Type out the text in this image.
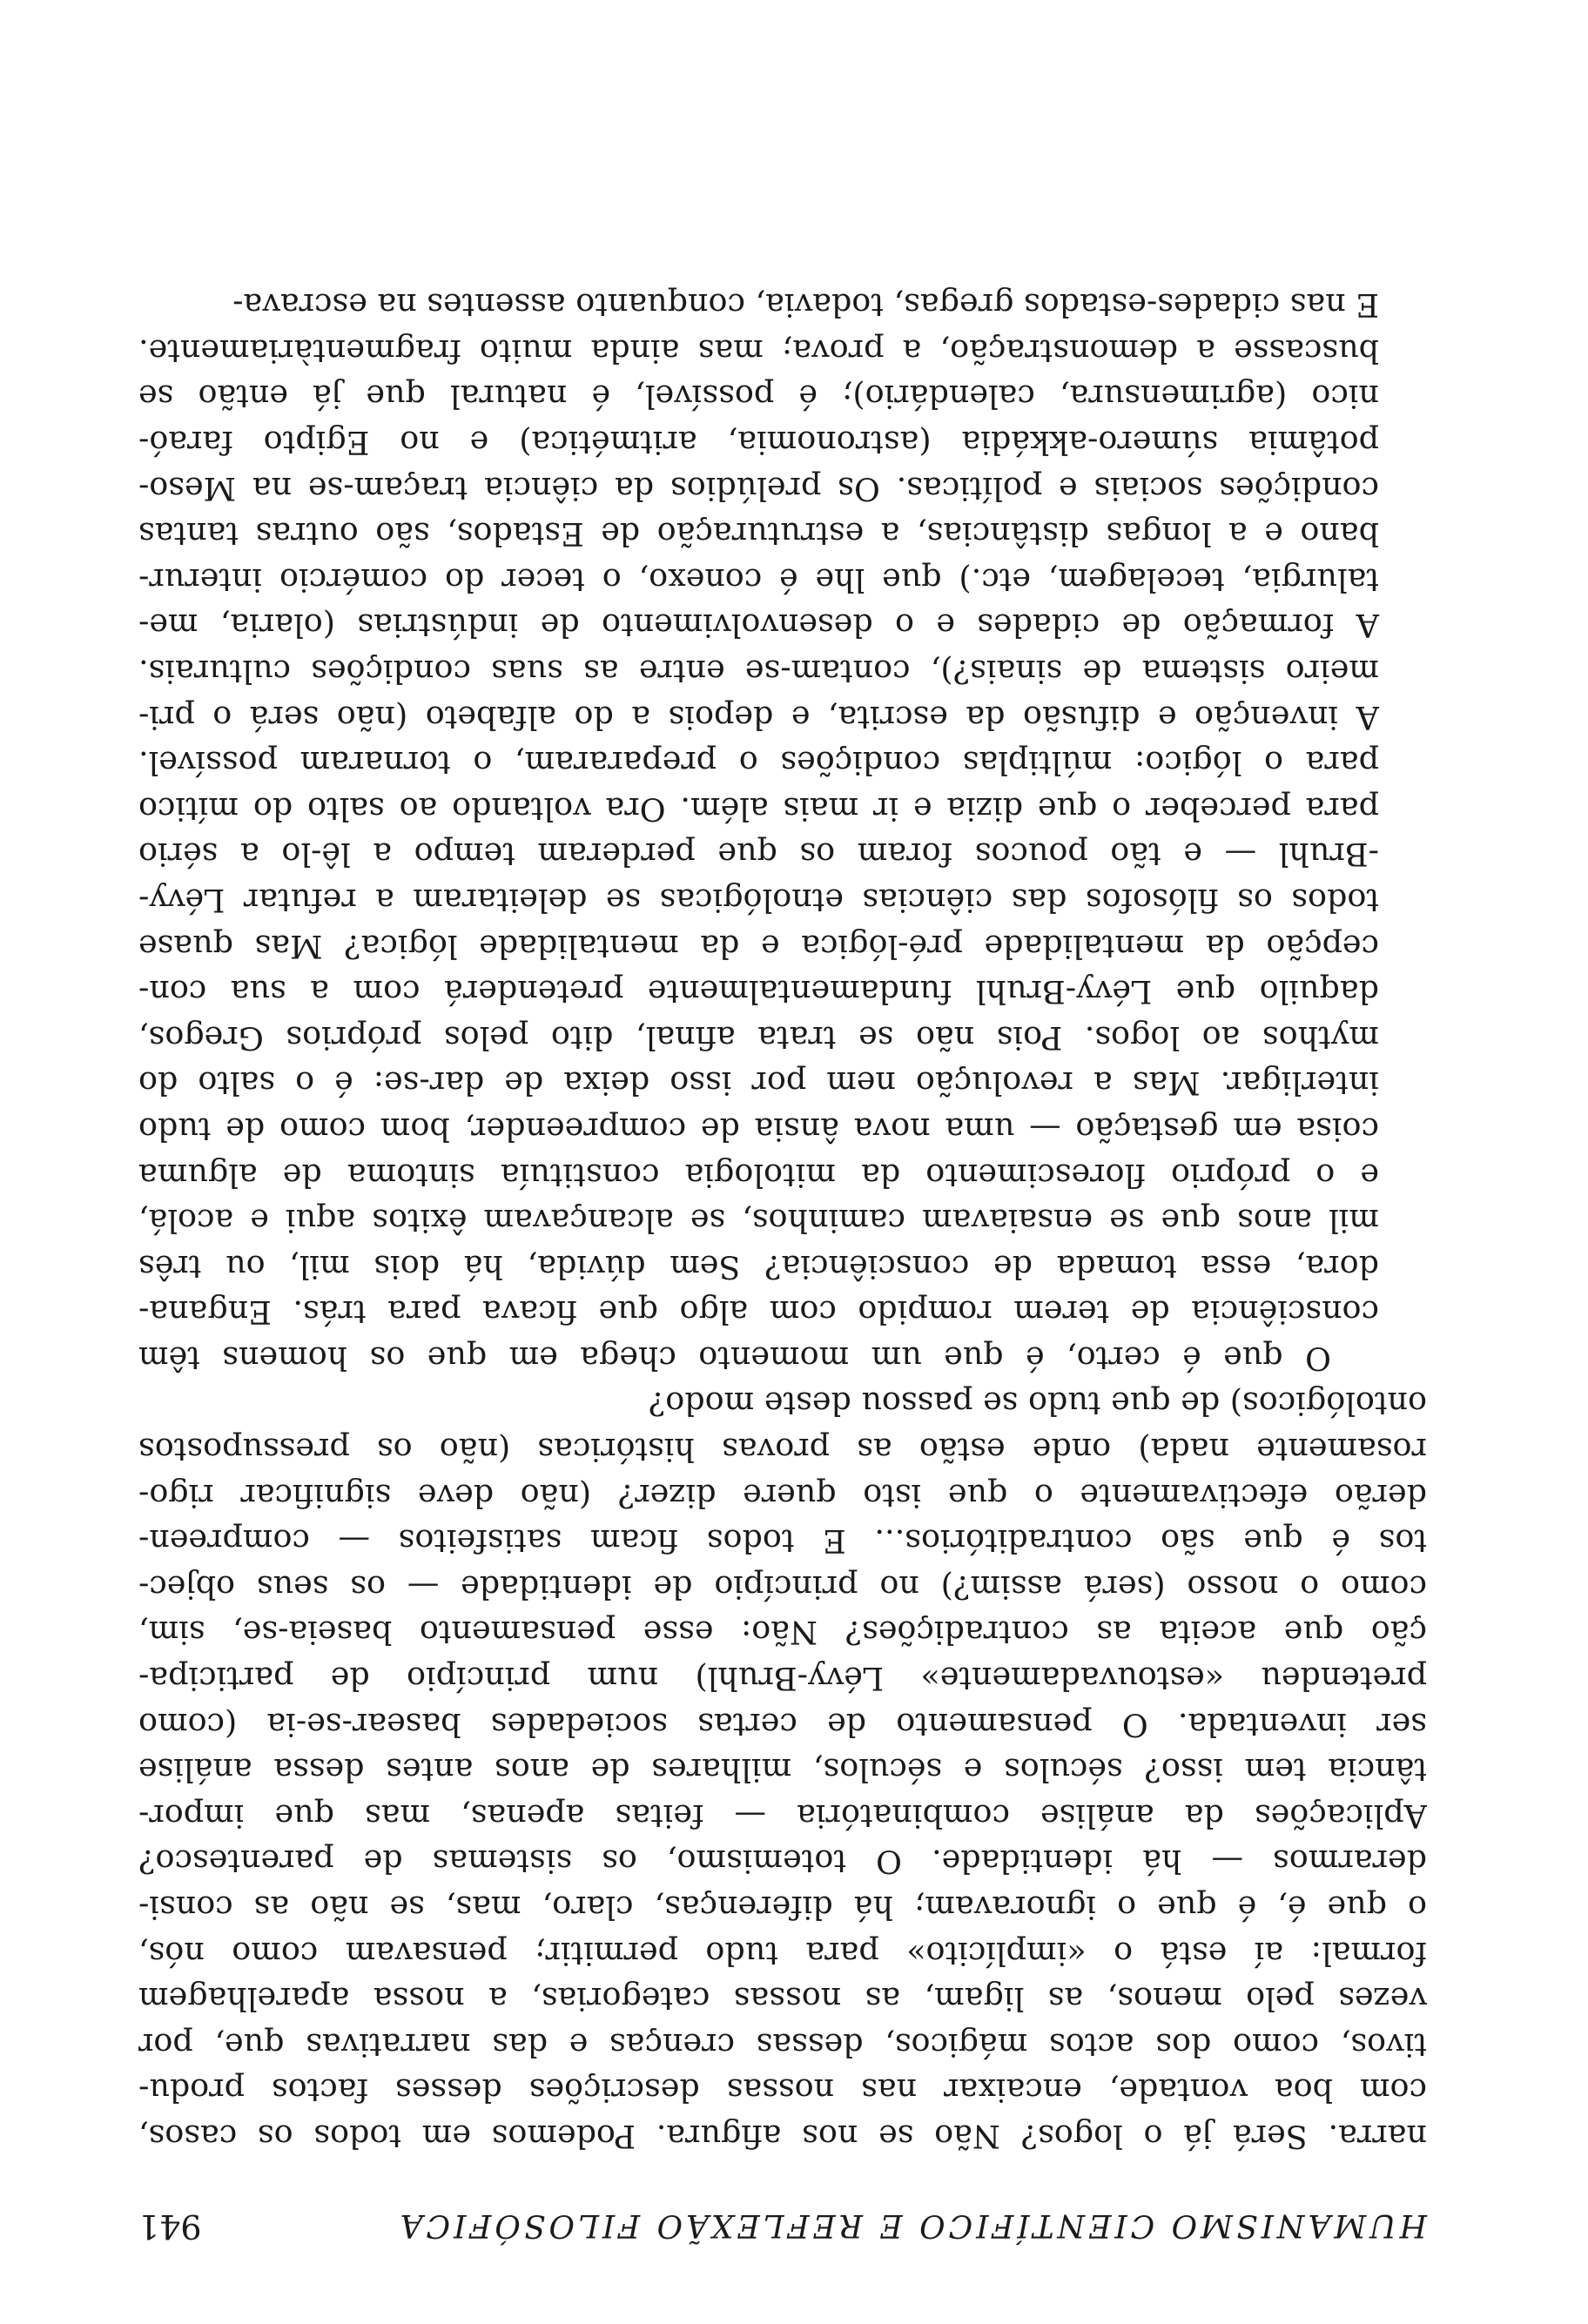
HUMANISMO CIENTÍFICO E REFLEXÃO FILOSÓFICA
941
narra. Será já o logos? Não se nos afigura. Podemos em todos os casos,
com boa vontade, encaixar nas nossas descrições desses factos produ-
tivos, como dos actos mágicos, dessas crenças e das narrativas que, por
vezes pelo menos, as ligam, as nossas categorias, a nossa aparelhagem
formal: aí está o «implícito» para tudo permitir; pensavam como nós,
o que é, é que o ignoravam; há diferenças, claro, mas, se não as consi-
derarmos — há identidade. O totemismo, os sistemas de parentesco?
Aplicações da análise combinatória — feitas apenas, mas que impor-
tância tem isso? séculos e séculos, milhares de anos antes dessa análise
ser inventada. O pensamento de certas sociedades basear-se-ia (como
pretendeu «estouvadamente» Lévy-Bruhl) num princípio de participa-
ção que aceita as contradições? Não: esse pensamento baseia-se, sim,
como o nosso (será assim?) no princípio de identidade — os seus objec-
tos é que são contraditórios... E todos ficam satisfeitos — compreen-
derão efectivamente o que isto quere dizer? (não deve significar rigo-
rosamente nada) onde estão as provas históricas (não os pressupostos
ontológicos) de que tudo se passou deste modo?
O que é certo, é que um momento chega em que os homens têm
consciência de terem rompido com algo que ficava para trás. Engana-
dora, essa tomada de consciência? Sem dúvida, há dois mil, ou três
mil anos que se ensaiavam caminhos, se alcançavam êxitos aqui e acolá,
e o próprio florescimento da mitologia constituía sintoma de alguma
coisa em gestação — uma nova ânsia de compreender, bom como de tudo
interligar. Mas a revolução nem por isso deixa de dar-se: é o salto do
mythos ao logos. Pois não se trata afinal, dito pelos próprios Gregos,
daquilo que Lévy-Bruhl fundamentalmente pretenderá com a sua con-
cepção da mentalidade pré-lógica e da mentalidade lógica? Mas quase
todos os filósofos das ciências etnológicas se deleitaram a refutar Lévy-
-Bruhl — e tão poucos foram os que perderam tempo a lê-lo a sério
para perceber o que dizia e ir mais além. Ora voltando ao salto do mítico
para o lógico: múltiplas condições o prepararam, o tornaram possível.
A invenção e difusão da escrita, e depois a do alfabeto (não será o pri-
meiro sistema de sinais?), contam-se entre as suas condições culturais.
A formação de cidades e o desenvolvimento de indústrias (olaria, me-
talurgia, tecelagem, etc.) que lhe é conexo, o tecer do comércio interur-
bano e a longas distâncias, a estruturação de Estados, são outras tantas
condições sociais e políticas. Os prelúdios da ciência traçam-se na Meso-
potâmia súmero-akkádia (astronomia, aritmética) e no Egipto faraó-
nico (agrimensura, calendário); é possível, é natural que já então se
buscasse a demonstração, a prova; mas ainda muito fragmentàriamente.
E nas cidades-estados gregas, todavia, conquanto assentes na escrava-
